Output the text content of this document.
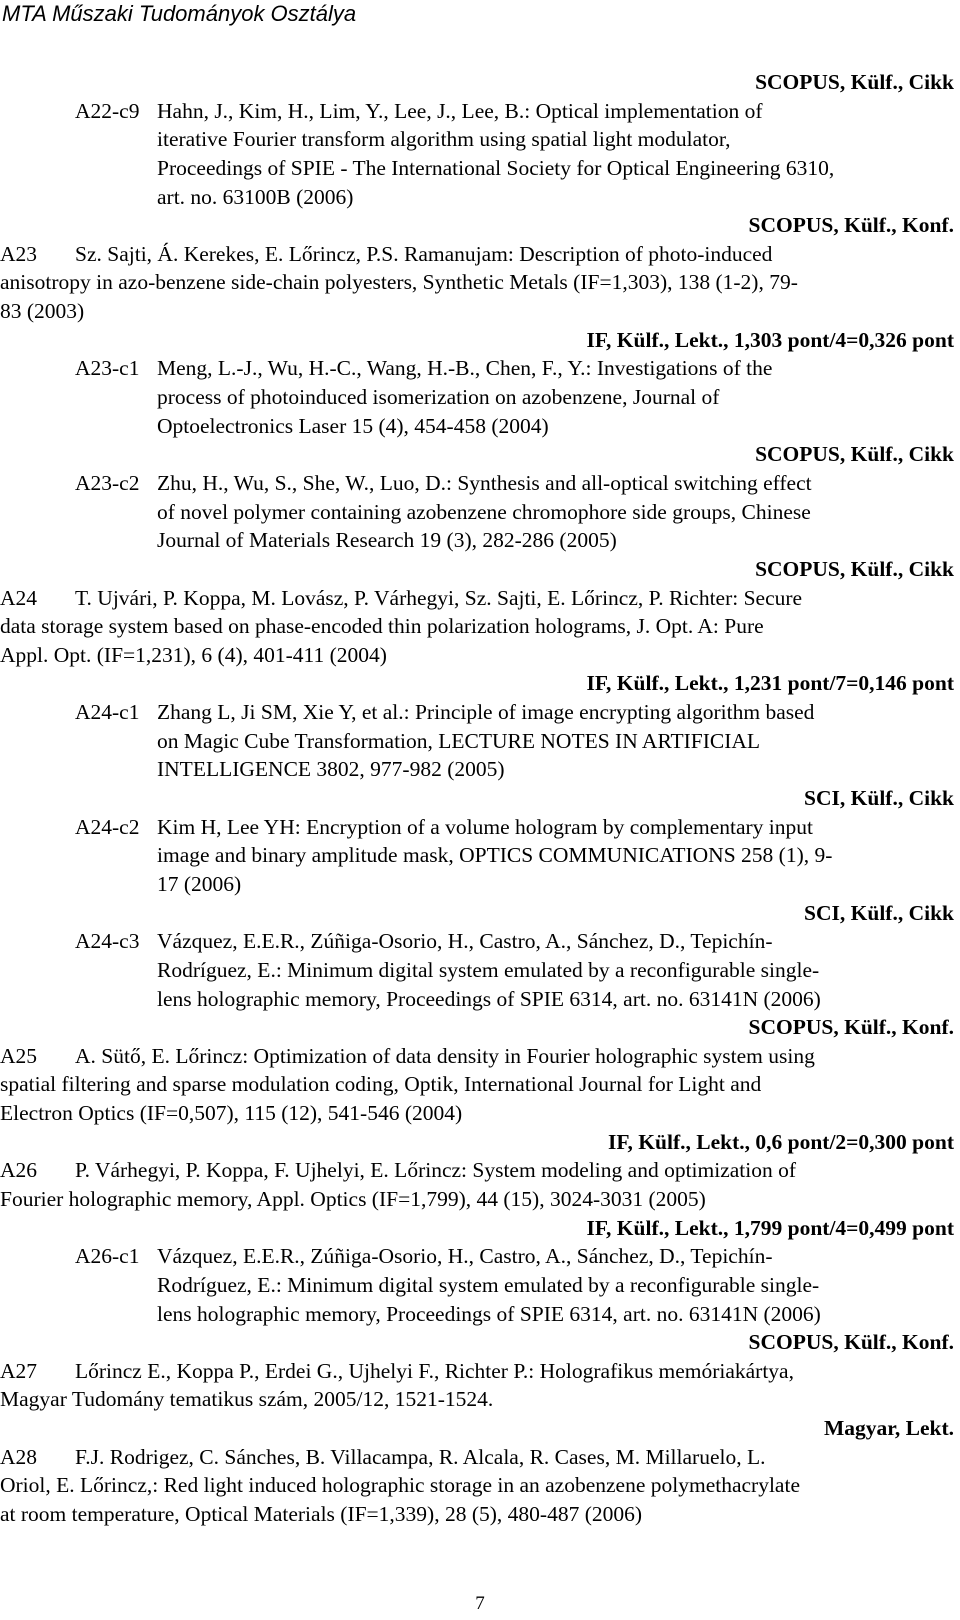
MTA Műszaki Tudományok Osztálya
SCOPUS, Külf., Cikk
A22-c9Hahn, J., Kim, H., Lim, Y., Lee, J., Lee, B.: Optical implementation of
iterative Fourier transform algorithm using spatial light modulator,
Proceedings of SPIE - The International Society for Optical Engineering 6310,
art. no. 63100B (2006)
SCOPUS, Külf., Konf.
A23 Sz. Sajti, Á. Kerekes, E. Lőrincz, P.S. Ramanujam: Description of photo-induced
anisotropy in azo-benzene side-chain polyesters, Synthetic Metals (IF=1,303), 138 (1-2), 79-
83 (2003)
IF, Külf., Lekt., 1,303 pont/4=0,326 pont
A23-c1Meng, L.-J., Wu, H.-C., Wang, H.-B., Chen, F., Y.: Investigations of the
process of photoinduced isomerization on azobenzene, Journal of
Optoelectronics Laser 15 (4), 454-458 (2004)
SCOPUS, Külf., Cikk
A23-c2Zhu, H., Wu, S., She, W., Luo, D.: Synthesis and all-optical switching effect
of novel polymer containing azobenzene chromophore side groups, Chinese
Journal of Materials Research 19 (3), 282-286 (2005)
SCOPUS, Külf., Cikk
A24 T. Ujvári, P. Koppa, M. Lovász, P. Várhegyi, Sz. Sajti, E. Lőrincz, P. Richter: Secure
data storage system based on phase-encoded thin polarization holograms, J. Opt. A: Pure
Appl. Opt. (IF=1,231), 6 (4), 401-411 (2004)
IF, Külf., Lekt., 1,231 pont/7=0,146 pont
A24-c1Zhang L, Ji SM, Xie Y, et al.: Principle of image encrypting algorithm based
on Magic Cube Transformation, LECTURE NOTES IN ARTIFICIAL
INTELLIGENCE 3802, 977-982 (2005)
SCI, Külf., Cikk
A24-c2Kim H, Lee YH: Encryption of a volume hologram by complementary input
image and binary amplitude mask, OPTICS COMMUNICATIONS 258 (1), 9-
17 (2006)
SCI, Külf., Cikk
A24-c3Vázquez, E.E.R., Zúñiga-Osorio, H., Castro, A., Sánchez, D., Tepichín-
Rodríguez, E.: Minimum digital system emulated by a reconfigurable single-
lens holographic memory, Proceedings of SPIE 6314, art. no. 63141N (2006)
SCOPUS, Külf., Konf.
A25 A. Sütő, E. Lőrincz: Optimization of data density in Fourier holographic system using
spatial filtering and sparse modulation coding, Optik, International Journal for Light and
Electron Optics (IF=0,507), 115 (12), 541-546 (2004)
IF, Külf., Lekt., 0,6 pont/2=0,300 pont
A26 P. Várhegyi, P. Koppa, F. Ujhelyi, E. Lőrincz: System modeling and optimization of
Fourier holographic memory, Appl. Optics (IF=1,799), 44 (15), 3024-3031 (2005)
IF, Külf., Lekt., 1,799 pont/4=0,499 pont
A26-c1Vázquez, E.E.R., Zúñiga-Osorio, H., Castro, A., Sánchez, D., Tepichín-
Rodríguez, E.: Minimum digital system emulated by a reconfigurable single-
lens holographic memory, Proceedings of SPIE 6314, art. no. 63141N (2006)
SCOPUS, Külf., Konf.
A27 Lőrincz E., Koppa P., Erdei G., Ujhelyi F., Richter P.: Holografikus memóriakártya,
Magyar Tudomány tematikus szám, 2005/12, 1521-1524.
Magyar, Lekt.
A28 F.J. Rodrigez, C. Sánches, B. Villacampa, R. Alcala, R. Cases, M. Millaruelo, L.
Oriol, E. Lőrincz,: Red light induced holographic storage in an azobenzene polymethacrylate
at room temperature, Optical Materials (IF=1,339), 28 (5), 480-487 (2006)
7
